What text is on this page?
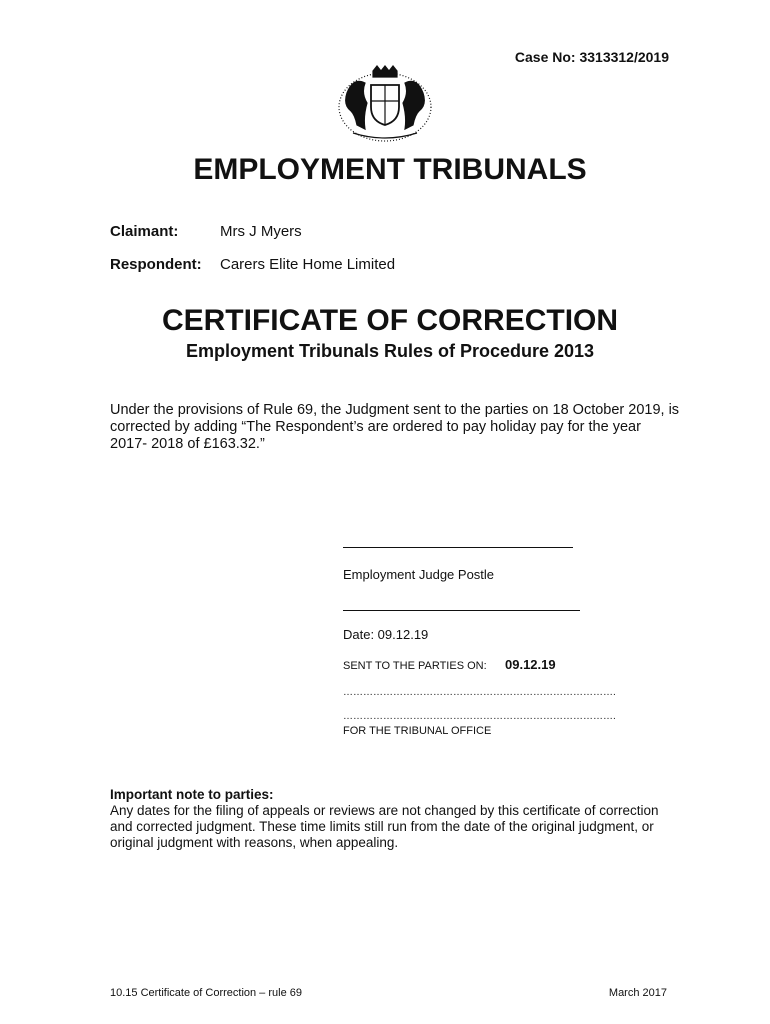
Case No: 3313312/2019
EMPLOYMENT TRIBUNALS
Claimant:	Mrs J Myers
Respondent: Carers Elite Home Limited
CERTIFICATE OF CORRECTION
Employment Tribunals Rules of Procedure 2013
Under the provisions of Rule 69, the Judgment sent to the parties on 18 October 2019, is corrected by adding “The Respondent’s are ordered to pay holiday pay for the year 2017- 2018 of £163.32.”
Employment Judge Postle
Date: 09.12.19
SENT TO THE PARTIES ON: 09.12.19
……………………………………………………………………….
……………………………………………………………………….
FOR THE TRIBUNAL OFFICE
Important note to parties:
Any dates for the filing of appeals or reviews are not changed by this certificate of correction and corrected judgment. These time limits still run from the date of the original judgment, or original judgment with reasons, when appealing.
10.15 Certificate of Correction – rule 69	March 2017
